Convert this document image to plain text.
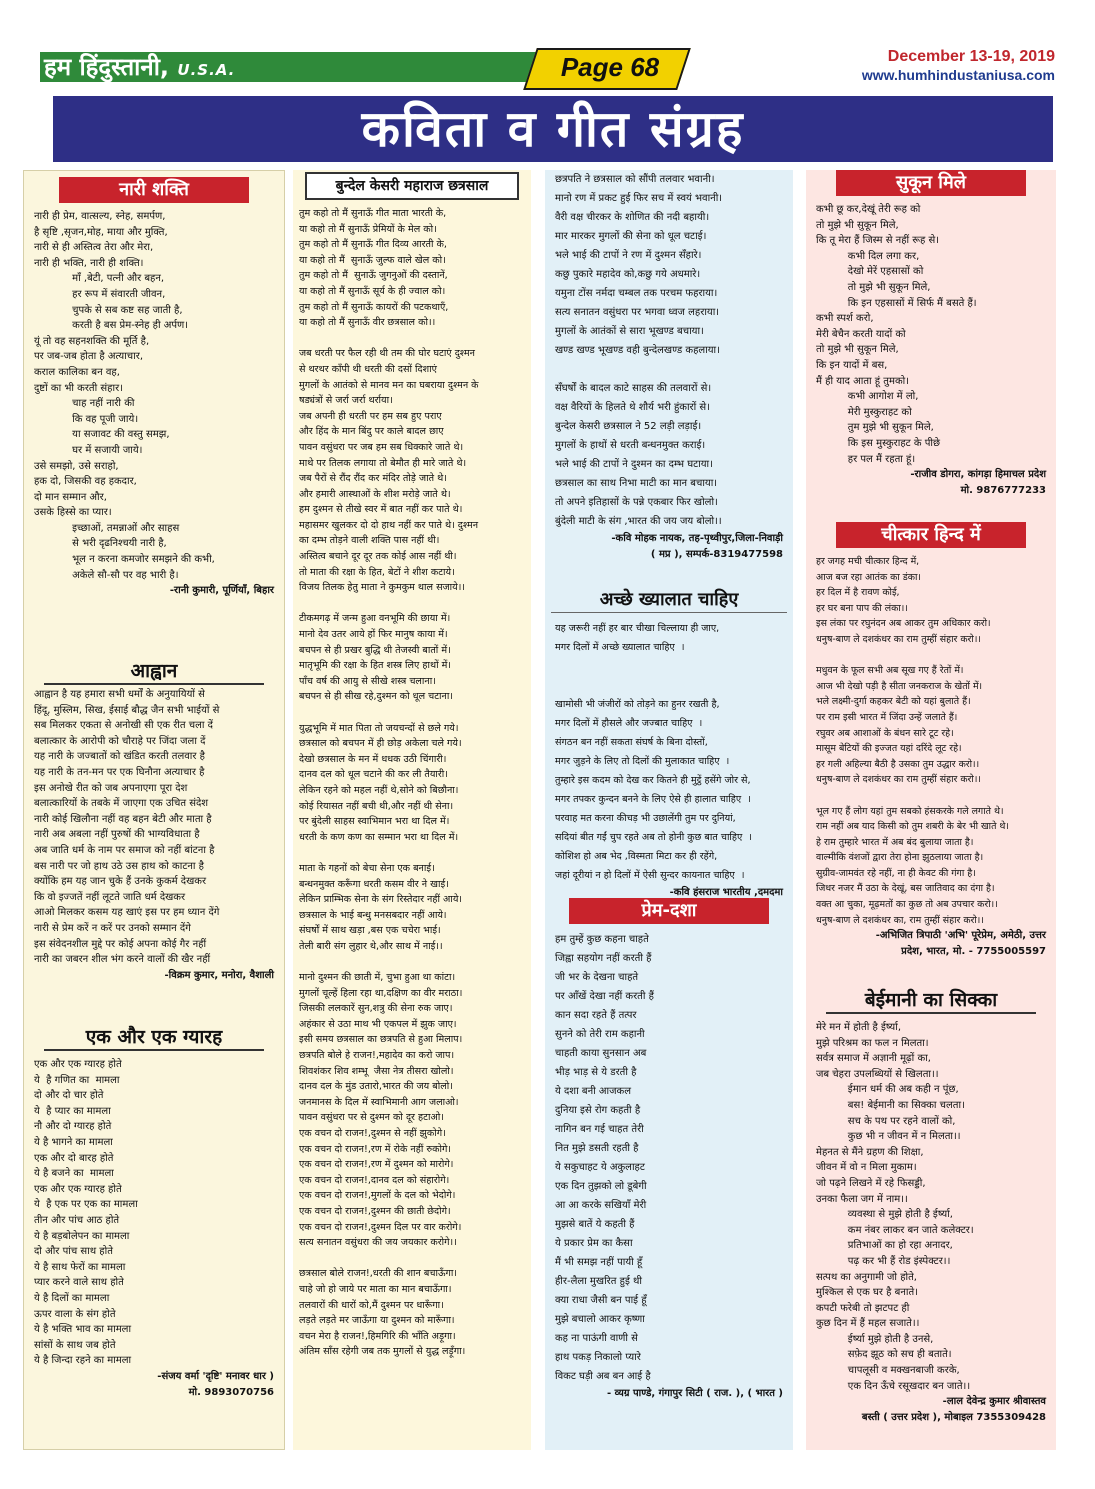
हम हिंदुस्तानी, U.S.A.	Page 68	December 13-19, 2019
www.humhindustaniusa.com
कविता व गीत संग्रह
नारी शक्ति
नारी ही प्रेम, वात्सल्य, स्नेह, समर्पण,
है सृष्टि ,सृजन,मोह, माया और मुक्ति,
नारी से ही अस्तित्व तेरा और मेरा,
नारी ही भक्ति, नारी ही शक्ति।
माँ ,बेटी, पत्नी और बहन,
हर रूप में संवारती जीवन,
चुपके से सब कष्ट सह जाती है,
करती है बस प्रेम-स्नेह ही अर्पण।
यूं तो वह सहनशक्ति की मूर्ति है,
पर जब-जब होता है अत्याचार,
कराल कालिका बन वह,
दुष्टों का भी करती संहार।
चाह नहीं नारी की
कि वह पूजी जाये।
या सजावट की वस्तु समझ,
घर में सजायी जाये।
उसे समझो, उसे सराहो,
हक दो, जिसकी वह हकदार,
दो मान सम्मान और,
उसके हिस्से का प्यार।
इच्छाओं, तमन्नाओं और साहस
से भरी दृढनिश्चयी नारी है,
भूल न करना कमजोर समझने की कभी,
अकेले सौ-सौ पर वह भारी है।
-रानी कुमारी, पूर्णियाँ, बिहार
आह्वान
आह्वान है यह हमारा सभी धर्मों के अनुयायियों से
हिंदू, मुस्लिम, सिख, ईसाई बौद्ध जैन सभी भाईयों से
सब मिलकर एकता से अनोखी सी एक रीत चला दें
बलात्कार के आरोपी को चौराहे पर जिंदा जला दें
यह नारी के जज्बातों को खंडित करती तलवार है
यह नारी के तन-मन पर एक घिनौना अत्याचार है
इस अनोखे रीत को जब अपनाएगा पूरा देश
बलात्कारियों के तबके में जाएगा एक उचित संदेश
नारी कोई खिलौना नहीं वह बहन बेटी और माता है
नारी अब अबला नहीं पुरुषों की भाग्यविधाता है
अब जाति धर्म के नाम पर समाज को नहीं बांटना है
बस नारी पर जो हाथ उठे उस हाथ को काटना है
क्योंकि हम यह जान चुके हैं उनके कुकर्म देखकर
कि वो इज्जतें नहीं लूटते जाति धर्म देखकर
आओ मिलकर कसम यह खाएं इस पर हम ध्यान देंगे
नारी से प्रेम करें न करें पर उनको सम्मान देंगे
इस संवेदनशील मुद्दे पर कोई अपना कोई गैर नहीं
नारी का जबरन शील भंग करने वालों की खैर नहीं
-विक्रम कुमार, मनोरा, वैशाली
एक और एक ग्यारह
एक और एक ग्यारह होते
ये  है गणित का  मामला
दो और दो चार होते
ये  है प्यार का मामला
नौ और दो ग्यारह होते
ये है भागने का मामला
एक और दो बारह होते
ये है बजने का  मामला
एक और एक ग्यारह होते
ये  है एक पर एक का मामला
तीन और पांच आठ होते
ये है बड़बोलेपन का मामला
दो और पांच साथ होते
ये है साथ फेरों का मामला
प्यार करने वाले साथ होते
ये है दिलों का मामला
ऊपर वाला के संग होते
ये है भक्ति भाव का मामला
सांसों के साथ जब होते
ये है जिन्दा रहने का मामला
-संजय वर्मा 'दृष्टि' मनावर धार )
मो. 9893070756
बुन्देल केसरी महाराज छत्रसाल
तुम कहो तो मैं सुनाऊँ गीत माता भारती के,
या कहो तो मैं सुनाऊँ प्रेमियों के मेल को।
तुम कहो तो मैं सुनाऊँ गीत दिव्य आरती के,
या कहो तो मैं  सुनाऊँ जुल्फ वाले खेल को।
तुम कहो तो मैं  सुनाऊँ जुगनुओं की दस्तानें,
या कहो तो मैं सुनाऊँ सूर्य के ही ज्वाल को।
तुम कहो तो मैं सुनाऊँ कायरों की पटकथाएँ,
या कहो तो मैं सुनाऊँ वीर छत्रसाल को।।

जब धरती पर फैल रही थी तम की घोर घटाएं दुश्मन
से थरथर काँपी थी धरती की दसों दिशाएं
मुगलों के आतंको से मानव मन का घबराया दुश्मन के
षड्यंत्रों से जर्रा जर्रा थर्राया।
जब अपनी ही धरती पर हम सब हुए पराए
और हिंद के मान बिंदु पर काले बादल छाए
पावन वसुंधरा पर जब हम सब धिक्कारे जाते थे।
माथे पर तिलक लगाया तो बेमौत ही मारे जाते थे।
जब पैरों से रौंद रौंद कर मंदिर तोड़े जाते थे।
और हमारी आस्थाओं के शीश मरोड़े जाते थे।
हम दुश्मन से तीखे स्वर में बात नहीं कर पाते थे।
महासमर खुलकर दो दो हाथ नहीं कर पाते थे। दुश्मन
का दम्भ तोड़ने वाली शक्ति पास नहीं थी।
अस्तित्व बचाने दूर दूर तक कोई आस नहीं थी।
तो माता की रक्षा के हित, बेटों ने शीश कटाये।
विजय तिलक हेतु माता ने कुमकुम थाल सजाये।।

टीकमगढ़ में जन्म हुआ वनभूमि की छाया में।
मानो देव उतर आये हों फिर मानुष काया में।
बचपन से ही प्रखर बुद्धि थी तेजस्वी बातों में।
मातृभूमि की रक्षा के हित शस्त्र लिए हाथों में।
पाँच वर्ष की आयु से सीखे शस्त्र चलाना।
बचपन से ही सीख रहे,दुश्मन को धूल चटाना।

युद्धभूमि में मात पिता तो जयचन्दों से छले गये।
छत्रसाल को बचपन में ही छोड़ अकेला चले गये।
देखो छत्रसाल के मन में धधक उठी चिंगारी।
दानव दल को धूल चटाने की कर ली तैयारी।
लेकिन रहने को महल नहीं थे,सोने को बिछौना।
कोई रियासत नहीं बची थी,और नहीं थी सेना।
पर बुंदेली साहस स्वाभिमान भरा था दिल में।
धरती के कण कण का सम्मान भरा था दिल में।

माता के गहनों को बेचा सेना एक बनाई।
बन्धनमुक्त करूँगा धरती कसम वीर ने खाई।
लेकिन प्राम्भिक सेना के संग रिस्तेदार नहीं आये।
छत्रसाल के भाई बन्धु मनसबदार नहीं आये।
संघर्षों में साथ खड़ा ,बस एक चचेरा भाई।
तेली बारी संग लुहार थे,और साथ में नाई।।

मानो दुश्मन की छाती में, चुभा हुआ था कांटा।
मुगलों चूल्हें हिला रहा था,दक्षिण का वीर मराठा।
जिसकी ललकारें सुन,शत्रु की सेना रुक जाए।
अहंकार से उठा माथ भी एकपल में झुक जाए।
इसी समय छत्रसाल का छत्रपति से हुआ मिलाप।
छत्रपति बोले हे राजन!,महादेव का करो जाप।
शिवशंकर शिव शम्भू  जैसा नेत्र तीसरा खोलो।
दानव दल के मुंड उतारो,भारत की जय बोलो।
जनमानस के दिल में स्वाभिमानी आग जलाओ।
पावन वसुंधरा पर से दुश्मन को दूर हटाओ।
एक वचन दो राजन!,दुश्मन से नहीं झुकोगे।
एक वचन दो राजन!,रण में रोके नहीं रुकोगे।
एक वचन दो राजन!,रण में दुश्मन को मारोगे।
एक वचन दो राजन!,दानव दल को संहारोगे।
एक वचन दो राजन!,मुगलों के दल को भेदोगे।
एक वचन दो राजन!,दुश्मन की छाती छेदोगे।
एक वचन दो राजन!,दुश्मन दिल पर वार करोगे।
सत्य सनातन वसुंधरा की जय जयकार करोगे।।

छत्रसाल बोले राजन!,धरती की शान बचाऊँगा।
चाहे जो हो जाये पर माता का मान बचाऊँगा।
तलवारों की धारों को,मैं दुश्मन पर धारूँगा।
लड़ते लड़ते मर जाऊँगा या दुश्मन को मारूँगा।
वचन मेरा है राजन!,हिमगिरि की भाँति अड़ूगा।
अंतिम साँस रहेगी जब तक मुगलों से युद्ध लड़ूँगा।
छत्रपति ने छत्रसाल को सौंपी तलवार भवानी।
मानो रण में प्रकट हुई फिर सच में स्वयं भवानी।
वैरी वक्ष चीरकर के शोणित की नदी बहायी।
मार मारकर मुगलों की सेना को धूल चटाई।
भले भाई की टापों ने रण में दुश्मन सँहारे।
कछु पुकारे महादेव को,कछु गये अधमारे।
यमुना टोंस नर्मदा चम्बल तक परचम फहराया।
सत्य सनातन वसुंधरा पर भगवा ध्वज लहराया।
मुगलों के आतंकों से सारा भूखण्ड बचाया।
खण्ड खण्ड भूखण्ड वही बुन्देलखण्ड कहलाया।

सँघर्षों के बादल काटे साहस की तलवारों से।
वक्ष वैरियों के हिलते थे शौर्य भरी हुंकारों से।
बुन्देल केसरी छत्रसाल ने 52 लड़ी लड़ाई।
मुगलों के हाथों से धरती बन्धनमुक्त कराई।
भले भाई की टापों ने दुश्मन का दम्भ घटाया।
छत्रसाल का साथ निभा माटी का मान बचाया।
तो अपने इतिहासों के पन्ने एकबार फिर खोलो।
बुंदेली माटी के संग ,भारत की जय जय बोलो।।
-कवि मोहक नायक, तह-पृथ्वीपुर,जिला-निवाड़ी
( मप्र ), सम्पर्क-8319477598
अच्छे ख्यालात चाहिए
यह जरूरी नहीं हर बार चीखा चिल्लाया ही जाए,
मगर दिलों में अच्छे ख्यालात चाहिए  ।

खामोसी भी जंजीरों को तोड़ने का हुनर रखती है,
मगर दिलों में हौसले और जज्बात चाहिए  ।
संगठन बन नहीं सकता संघर्ष के बिना दोस्तों,
मगर जुड़ने के लिए तो दिलों की मुलाकात चाहिए  ।
तुम्हारे इस कदम को देख कर कितने ही मुट्ठें हसेंगे जोर से,
मगर तपकर कुन्दन बनने के लिए ऐसे ही हालात चाहिए  ।
परवाह मत करना कीचड़ भी उछालेंगी तुम पर दुनियां,
सदियां बीत गईं चुप रहते अब तो होनी कुछ बात चाहिए  ।
कोशिश हो अब भेद ,विस्मता मिटा कर ही रहेंगे,
जहां दूरीयां न हो दिलों में ऐसी सुन्दर कायनात चाहिए  ।
-कवि हंसराज भारतीय ,दमदमा
प्रेम-दशा
हम तुम्हें कुछ कहना चाहते
जिह्वा सहयोग नहीं करती हैं
जी भर के देखना चाहते
पर आँखें देखा नहीं करती हैं
कान सदा रहते हैं तत्पर
सुनने को तेरी राम कहानी
चाहती काया सुनसान अब
भीड़ भाड़ से ये डरती है
ये दशा बनी आजकल
दुनिया इसे रोग कहती है
नागिन बन गई चाहत तेरी
नित मुझे डसती रहती है
ये सकुचाहट ये अकुलाहट
एक दिन तुझको लो डूबेगी
आ आ करके सखियाँ मेरी
मुझसे बातें ये कहती हैं
ये प्रकार प्रेम का कैसा
मैं भी समझ नहीं पायी हूँ
हीर-लैला मुखरित हुई थी
क्या राधा जैसी बन पाई हूँ
मुझे बचालो आकर कृष्णा
कह ना पाऊंगी वाणी से
हाथ पकड़ निकालो प्यारे
विकट घड़ी अब बन आई है
- व्यग्र पाण्डे, गंगापुर सिटी ( राज. ), ( भारत )
सुकून मिले
कभी छू कर,देखूं तेरी रूह को
तो मुझे भी सुकून मिले,
कि तू मेरा हैं जिस्म से नहीं रूह से।
कभी दिल लगा कर,
देखो मेरें एहसासों को
तो मुझे भी सुकून मिले,
कि इन एहसासों में सिर्फ मैं बसते हैं।
कभी स्पर्श करो,
मेरी बेचैन करती यादों को
तो मुझे भी सुकून मिले,
कि इन यादों में बस,
मैं ही याद आता हूं तुमको।
कभी आगोश में लो,
मेरी मुस्कुराहट को
तुम मुझे भी सुकून मिले,
कि इस मुस्कुराहट के पीछे
हर पल मैं रहता हूं।
-राजीव डोगरा, कांगड़ा हिमाचल प्रदेश
मो. 9876777233
चीत्कार हिन्द में
हर जगह मची चीत्कार हिन्द में,
आज बज रहा आतंक का डंका।
हर दिल में है रावण कोई,
हर घर बना पाप की लंका।।
इस लंका पर रघुनंदन अब आकर तुम अधिकार करो।
धनुष-बाण ले दशकंधर का राम तुम्हीं संहार करो।।

मधुवन के फूल सभी अब सूख गए हैं रेतों में।
आज भी देखो पड़ी है सीता जनकराज के खेतों में।
भले लक्ष्मी-दुर्गा कहकर बेटी को यहां बुलाते हैं।
पर राम इसी भारत में जिंदा उन्हें जलाते हैं।
रघुवर अब आशाओं के बंधन सारे टूट रहे।
मासूम बेटियों की इज्जत यहां दरिंदे लूट रहे।
हर गली अहिल्या बैठी है उसका तुम उद्धार करो।।
धनुष-बाण ले दशकंधर का राम तुम्हीं संहार करो।।

भूल गए हैं लोग यहां तुम सबको हंसकरके गले लगाते थे।
राम नहीं अब याद किसी को तुम शबरी के बेर भी खाते थे।
हे राम तुम्हारे भारत में अब बंद बुलाया जाता है।
वाल्मीकि वंशजों द्वारा तेरा होना झुठलाया जाता है।
सुग्रीव-जामवंत रहे नहीं, ना ही केवट की गंगा है।
जिधर नजर मैं उठा के देखूं, बस जातिवाद का दंगा है।
वक्त आ चुका, मूढ़मतों का कुछ तो अब उपचार करो।।
धनुष-बाण ले दशकंधर का, राम तुम्हीं संहार करो।।
-अभिजित त्रिपाठी 'अभि' पूरेप्रेम, अमेठी, उत्तर
प्रदेश, भारत, मो. - 7755005597
बेईमानी का सिक्का
मेरे मन में होती है ईर्ष्या,
मुझे परिश्रम का फल न मिलता।
सर्वत्र समाज में अज्ञानी मूढ़ों का,
जब चेहरा उपलब्धियों से खिलता।।
ईमान धर्म की अब कही न पूंछ,
बस! बेईमानी का सिक्का चलता।
सच के पथ पर रहने वालों को,
कुछ भी न जीवन में न मिलता।।
मेहनत से मैंने ग्रहण की शिक्षा,
जीवन में वो न मिला मुकाम।
जो पढ़ने लिखने में रहे फिसड्डी,
उनका फैला जग में नाम।।
व्यवस्था से मुझे होती है ईर्ष्या,
कम नंबर लाकर बन जाते कलेक्टर।
प्रतिभाओं का हो रहा अनादर,
पढ़ कर भी हैं रोड इंस्पेक्टर।।
सत्पथ का अनुगामी जो होते,
मुश्किल से एक घर है बनाते।
कपटी फरेबी तो झटपट ही
कुछ दिन में हैं महल सजाते।।
ईर्ष्या मुझे होती है उनसे,
सफ़ेद झूठ को सच ही बताते।
चापलूसी व मक्खनबाजी करके,
एक दिन ऊँचे रसूखदार बन जाते।।
-लाल देवेन्द्र कुमार श्रीवास्तव
बस्ती ( उत्तर प्रदेश ), मोबाइल 7355309428
